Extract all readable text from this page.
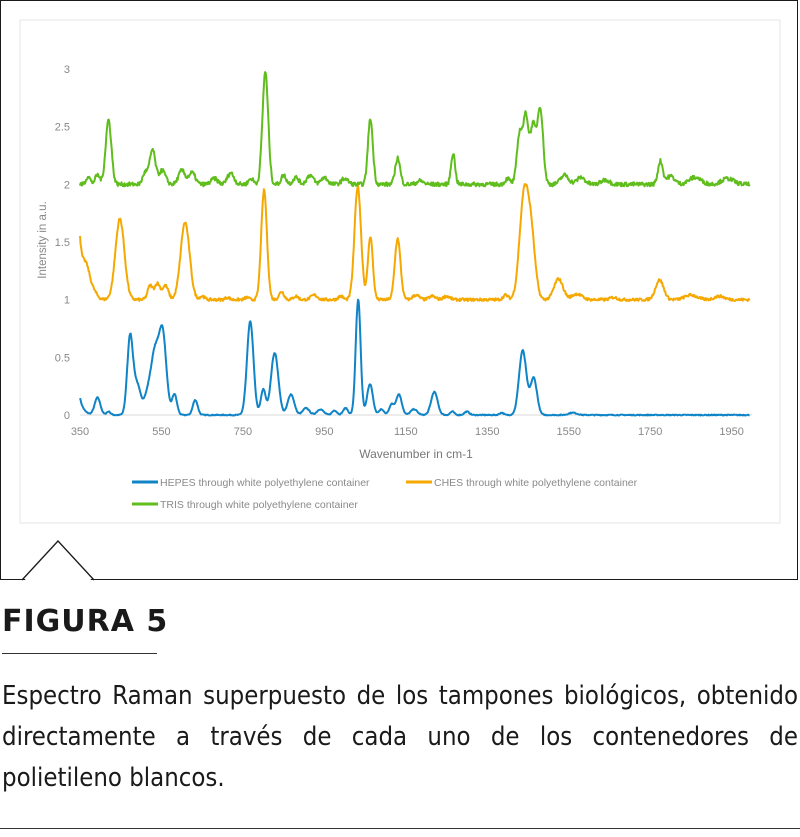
0
0.5
1
1.5
2
2.5
3
350	550	750	950	1150	1350	1550	1750	1950
Wavenumber in cm-1
Intensity in a.u.
HEPES through white polyethylene container	CHES through white polyethylene container
TRIS through white polyethylene container
FIGURA 5
Espectro Raman superpuesto de los tampones biológicos, obtenido directamente a través de cada uno de los contenedores de polietileno blancos.
